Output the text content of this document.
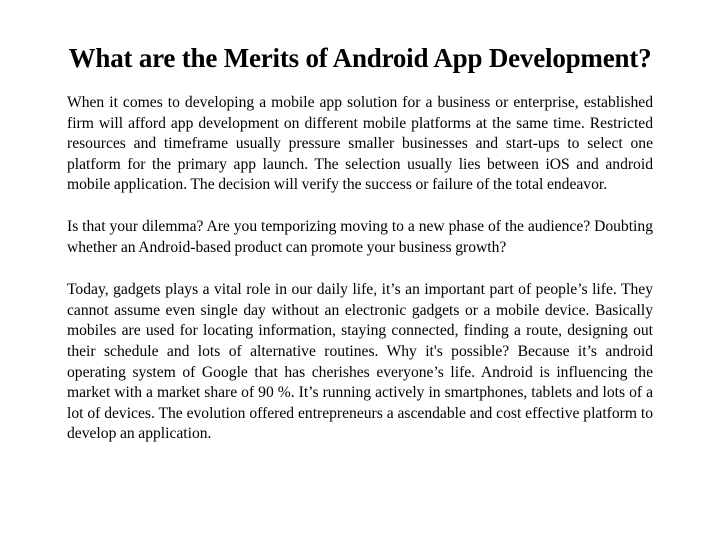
What are the Merits of Android App Development?

When it comes to developing a mobile app solution for a business or enterprise, established firm will afford app development on different mobile platforms at the same time. Restricted resources and timeframe usually pressure smaller businesses and start-ups to select one platform for the primary app launch. The selection usually lies between iOS and android mobile application. The decision will verify the success or failure of the total endeavor.

Is that your dilemma? Are you temporizing moving to a new phase of the audience? Doubting whether an Android-based product can promote your business growth?

Today, gadgets plays a vital role in our daily life, it’s an important part of people’s life. They cannot assume even single day without an electronic gadgets or a mobile device. Basically mobiles are used for locating information, staying connected, finding a route, designing out their schedule and lots of alternative routines. Why it's possible? Because it’s android operating system of Google that has cherishes everyone’s life. Android is influencing the market with a market share of 90 %. It’s running actively in smartphones, tablets and lots of a lot of devices. The evolution offered entrepreneurs a ascendable and cost effective platform to develop an application.
